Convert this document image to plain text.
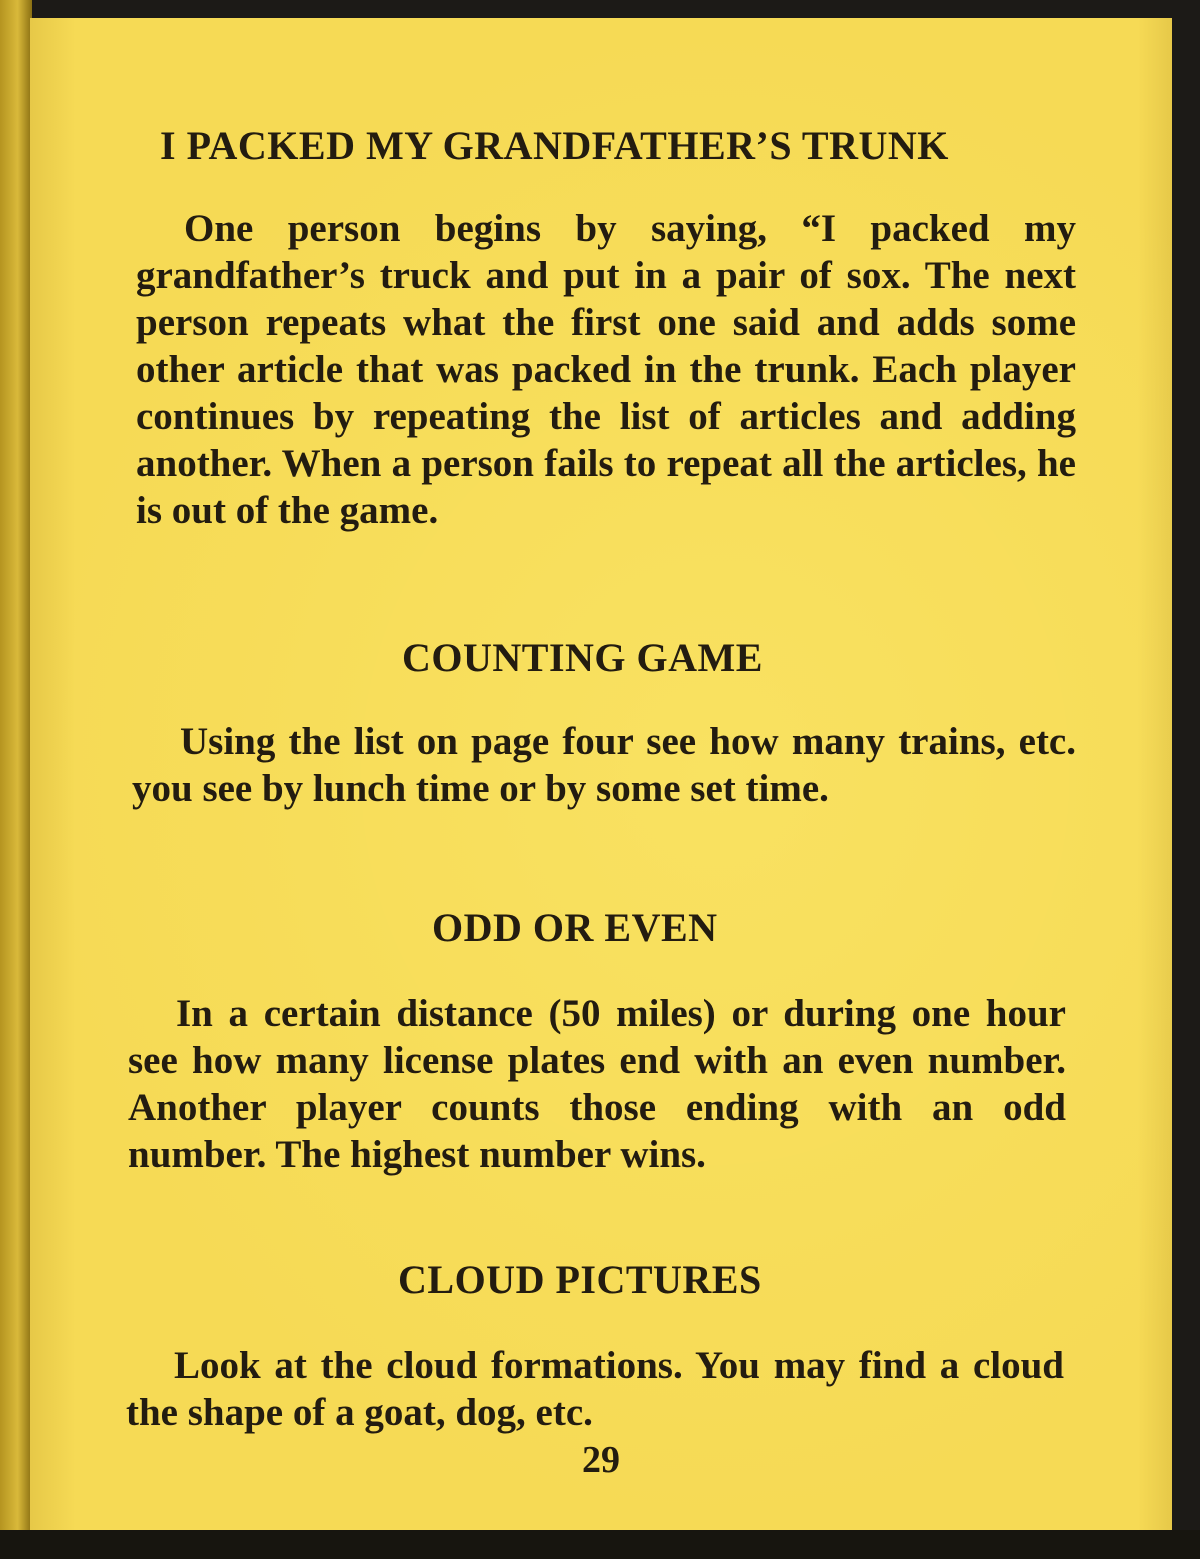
I PACKED MY GRANDFATHER’S TRUNK

One person begins by saying, “I packed my grandfather’s truck and put in a pair of sox. The next person repeats what the first one said and adds some other article that was packed in the trunk. Each player continues by repeating the list of articles and adding another. When a person fails to repeat all the articles, he is out of the game.

COUNTING GAME

Using the list on page four see how many trains, etc. you see by lunch time or by some set time.

ODD OR EVEN

In a certain distance (50 miles) or during one hour see how many license plates end with an even number. Another player counts those ending with an odd number. The highest number wins.

CLOUD PICTURES

Look at the cloud formations. You may find a cloud the shape of a goat, dog, etc.

29
